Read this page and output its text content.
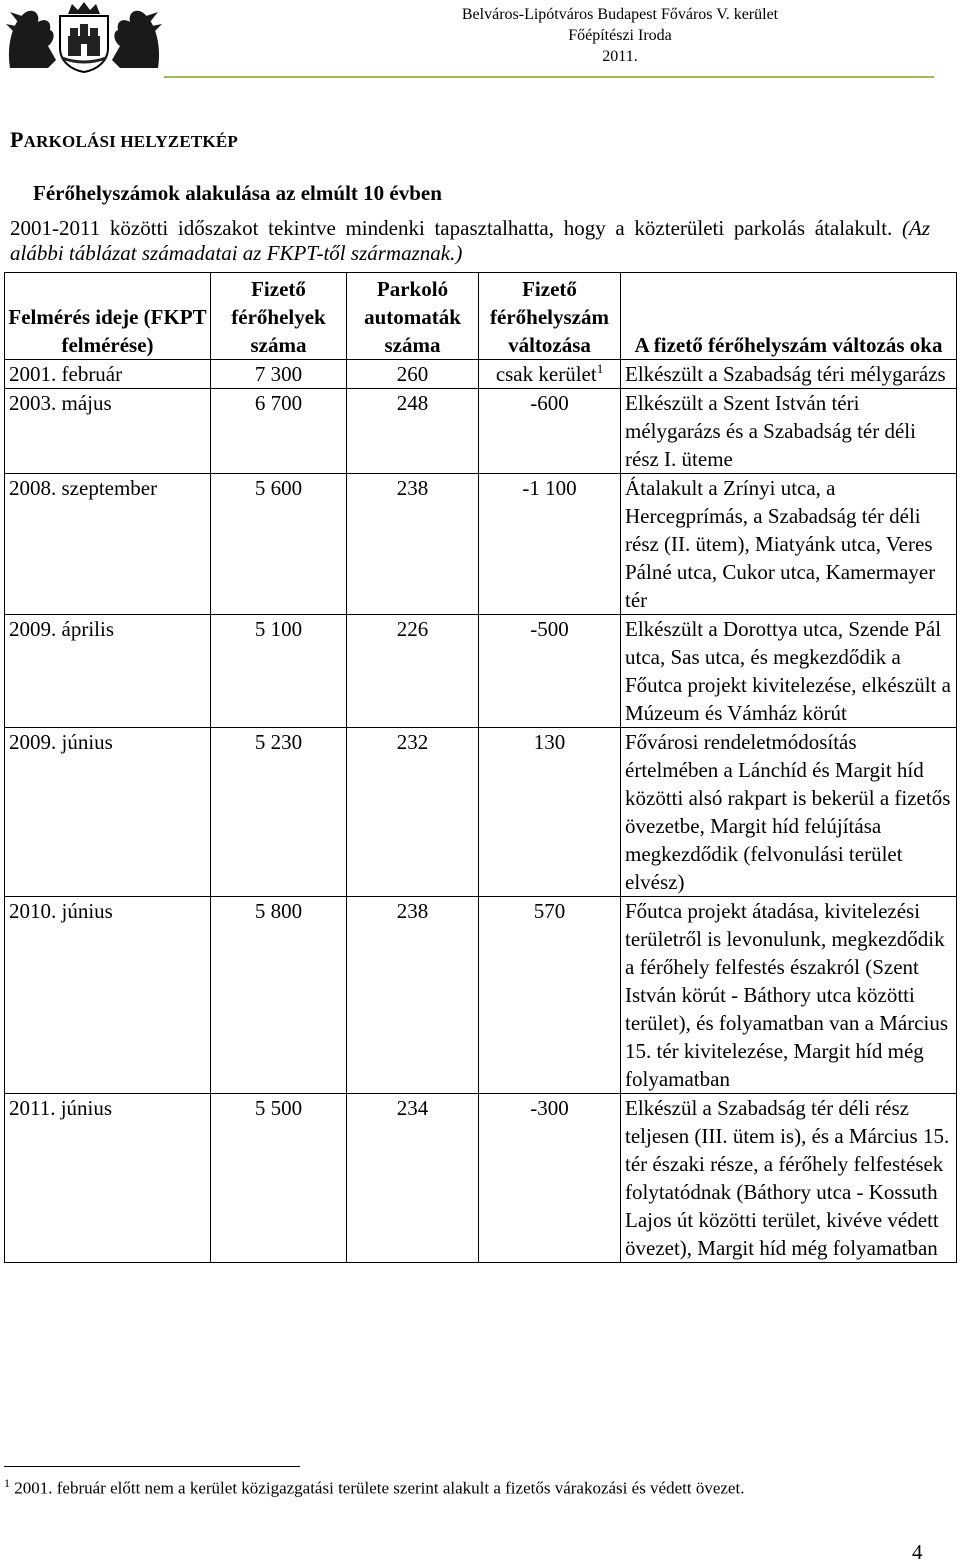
Belváros-Lipótváros Budapest Főváros V. kerület
Főépítészi Iroda
2011.
PARKOLÁSI HELYZETKÉP
Férőhelyszámok alakulása az elmúlt 10 évben
2001-2011 közötti időszakot tekintve mindenki tapasztalhatta, hogy a közterületi parkolás átalakult. (Az alábbi táblázat számadatai az FKPT-től származnak.)
Felmérés ideje (FKPT felmérése)	Fizető férőhelyek száma	Parkoló automaták száma	Fizető férőhelyszám változása	A fizető férőhelyszám változás oka
2001. február	7 300	260	csak kerület$^1$	Elkészült a Szabadság téri mélygarázs
2003. május	6 700	248	-600	Elkészült a Szent István téri mélygarázs és a Szabadság tér déli rész I. üteme
2008. szeptember	5 600	238	-1 100	Átalakult a Zrínyi utca, a Hercegprímás, a Szabadság tér déli rész (II. ütem), Miatyánk utca, Veres Pálné utca, Cukor utca, Kamermayer tér
2009. április	5 100	226	-500	Elkészült a Dorottya utca, Szende Pál utca, Sas utca, és megkezdődik a Főutca projekt kivitelezése, elkészült a Múzeum és Vámház körút
2009. június	5 230	232	130	Fővárosi rendeletmódosítás értelmében a Lánchíd és Margit híd közötti alsó rakpart is bekerül a fizetős övezetbe, Margit híd felújítása megkezdődik (felvonulási terület elvész)
2010. június	5 800	238	570	Főutca projekt átadása, kivitelezési területről is levonulunk, megkezdődik a férőhely felfestés északról (Szent István körút - Báthory utca közötti terület), és folyamatban van a Március 15. tér kivitelezése, Margit híd még folyamatban
2011. június	5 500	234	-300	Elkészül a Szabadság tér déli rész teljesen (III. ütem is), és a Március 15. tér északi része, a férőhely felfestések folytatódnak (Báthory utca - Kossuth Lajos út közötti terület, kivéve védett övezet), Margit híd még folyamatban
$^1$ 2001. február előtt nem a kerület közigazgatási területe szerint alakult a fizetős várakozási és védett övezet.
4
